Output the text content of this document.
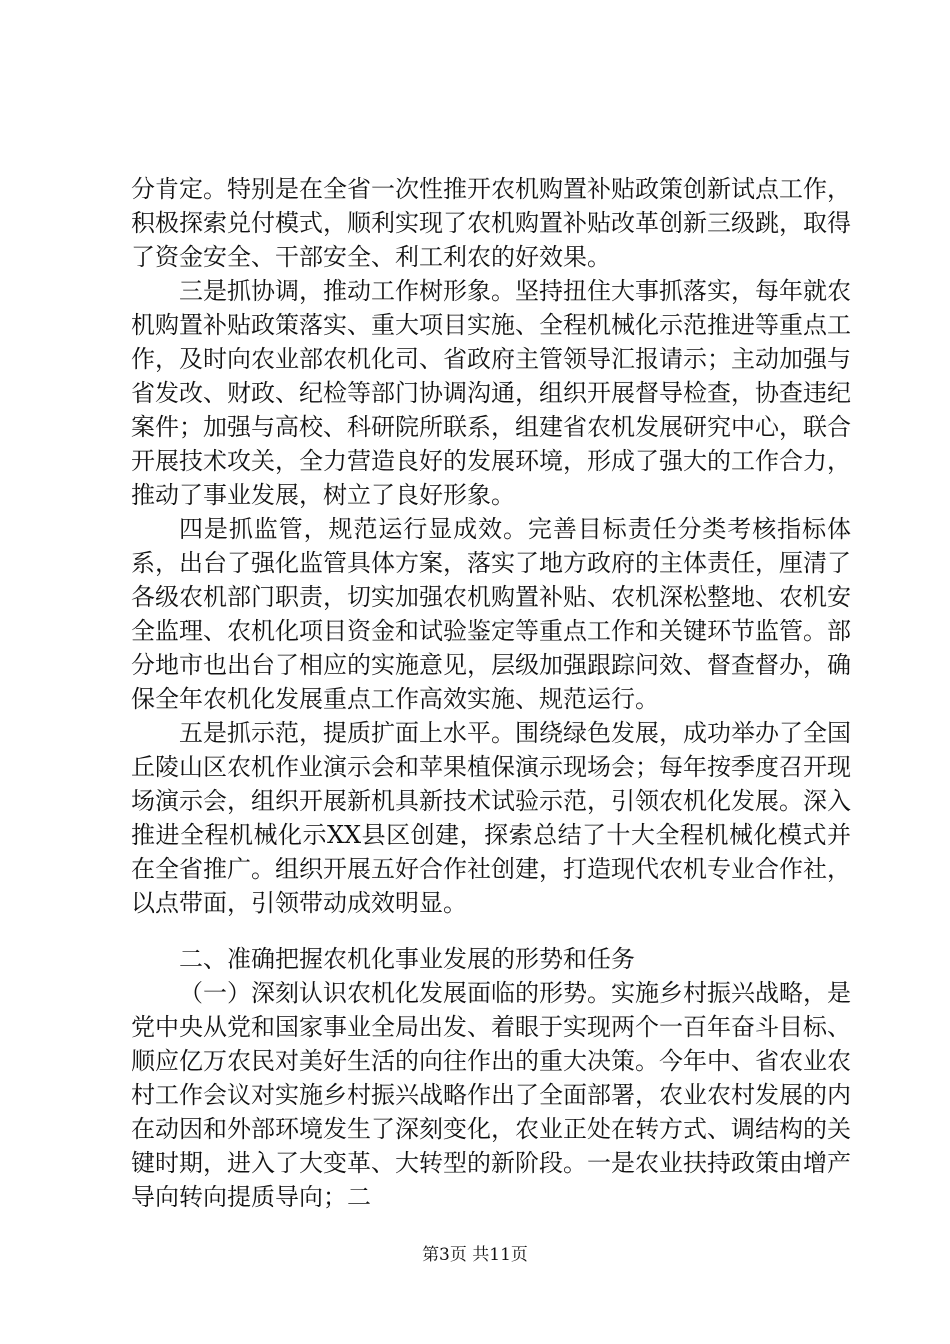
分肯定。特别是在全省一次性推开农机购置补贴政策创新试点工作，积极探索兑付模式，顺利实现了农机购置补贴改革创新三级跳，取得了资金安全、干部安全、利工利农的好效果。

三是抓协调，推动工作树形象。坚持扭住大事抓落实，每年就农机购置补贴政策落实、重大项目实施、全程机械化示范推进等重点工作，及时向农业部农机化司、省政府主管领导汇报请示；主动加强与省发改、财政、纪检等部门协调沟通，组织开展督导检查，协查违纪案件；加强与高校、科研院所联系，组建省农机发展研究中心，联合开展技术攻关，全力营造良好的发展环境，形成了强大的工作合力，推动了事业发展，树立了良好形象。

四是抓监管，规范运行显成效。完善目标责任分类考核指标体系，出台了强化监管具体方案，落实了地方政府的主体责任，厘清了各级农机部门职责，切实加强农机购置补贴、农机深松整地、农机安全监理、农机化项目资金和试验鉴定等重点工作和关键环节监管。部分地市也出台了相应的实施意见，层级加强跟踪问效、督查督办，确保全年农机化发展重点工作高效实施、规范运行。

五是抓示范，提质扩面上水平。围绕绿色发展，成功举办了全国丘陵山区农机作业演示会和苹果植保演示现场会；每年按季度召开现场演示会，组织开展新机具新技术试验示范，引领农机化发展。深入推进全程机械化示XX县区创建，探索总结了十大全程机械化模式并在全省推广。组织开展五好合作社创建，打造现代农机专业合作社，以点带面，引领带动成效明显。

二、准确把握农机化事业发展的形势和任务

（一）深刻认识农机化发展面临的形势。实施乡村振兴战略，是党中央从党和国家事业全局出发、着眼于实现两个一百年奋斗目标、顺应亿万农民对美好生活的向往作出的重大决策。今年中、省农业农村工作会议对实施乡村振兴战略作出了全面部署，农业农村发展的内在动因和外部环境发生了深刻变化，农业正处在转方式、调结构的关键时期，进入了大变革、大转型的新阶段。一是农业扶持政策由增产导向转向提质导向；二

第3页 共11页
